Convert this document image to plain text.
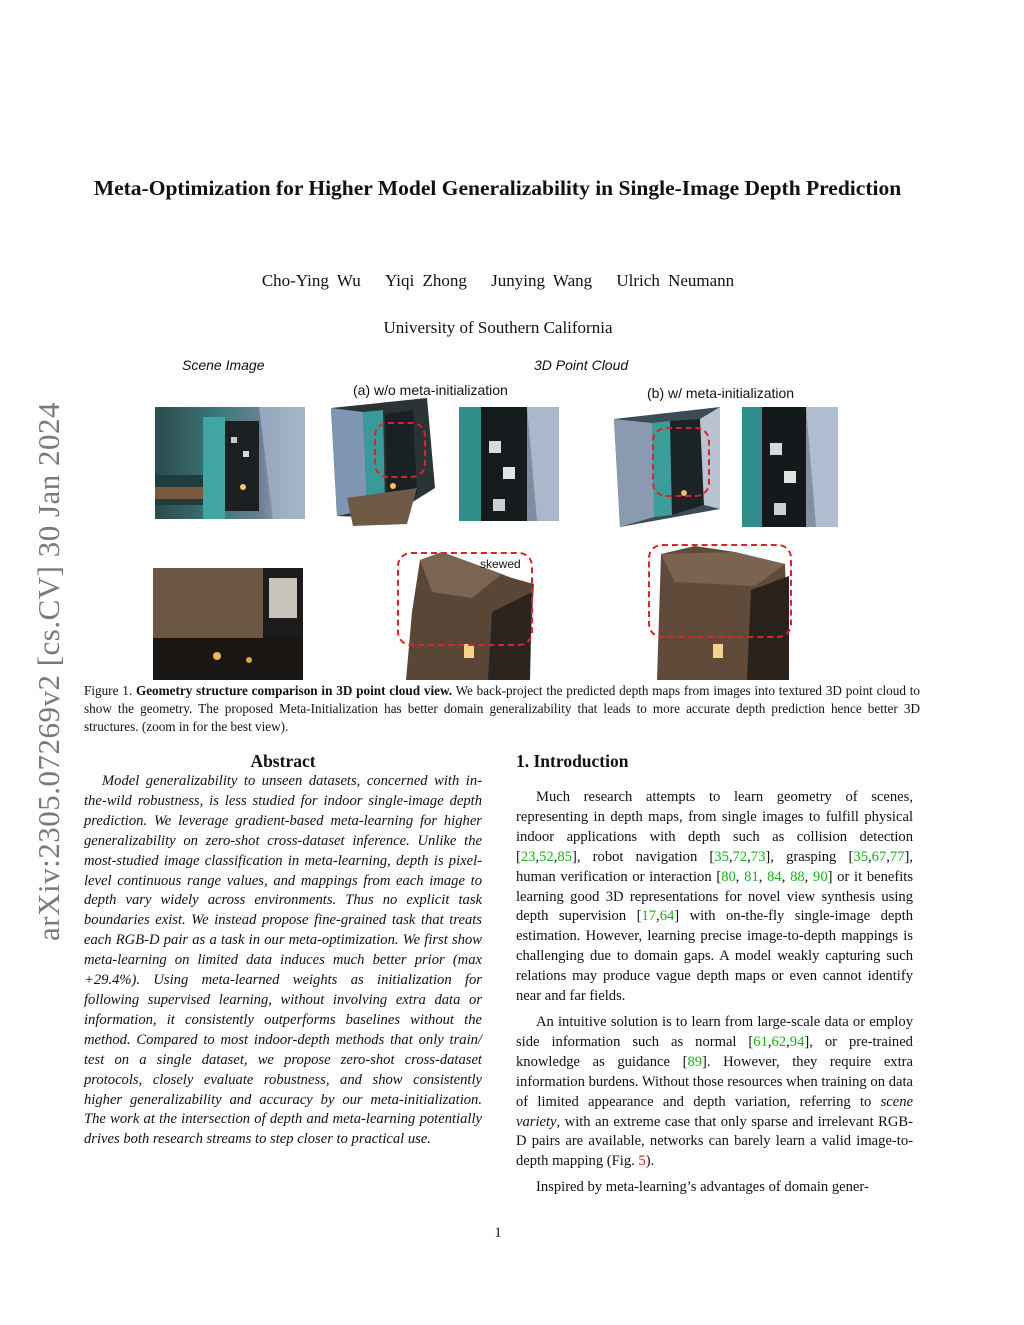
arXiv:2305.07269v2 [cs.CV] 30 Jan 2024
Meta-Optimization for Higher Model Generalizability in Single-Image Depth Prediction
Cho-Ying Wu Yiqi Zhong Junying Wang Ulrich Neumann
University of Southern California
Scene Image	3D Point Cloud
(a) w/o meta-initialization	(b) w/ meta-initialization
skewed
Figure 1. Geometry structure comparison in 3D point cloud view. We back-project the predicted depth maps from images into textured 3D point cloud to show the geometry. The proposed Meta-Initialization has better domain generalizability that leads to more accurate depth prediction hence better 3D structures. (zoom in for the best view).
Abstract
Model generalizability to unseen datasets, concerned with in-the-wild robustness, is less studied for indoor single-image depth prediction. We leverage gradient-based meta-learning for higher generalizability on zero-shot cross-dataset inference. Unlike the most-studied image classification in meta-learning, depth is pixel-level continuous range values, and mappings from each image to depth vary widely across environments. Thus no explicit task boundaries exist. We instead propose fine-grained task that treats each RGB-D pair as a task in our meta-optimization. We first show meta-learning on limited data induces much better prior (max +29.4%). Using meta-learned weights as initialization for following supervised learning, without involving extra data or information, it consistently outperforms baselines without the method. Compared to most indoor-depth methods that only train/ test on a single dataset, we propose zero-shot cross-dataset protocols, closely evaluate robustness, and show consistently higher generalizability and accuracy by our meta-initialization. The work at the intersection of depth and meta-learning potentially drives both research streams to step closer to practical use.
1. Introduction

Much research attempts to learn geometry of scenes, representing in depth maps, from single images to fulfill physical indoor applications with depth such as collision detection [23,52,85], robot navigation [35,72,73], grasping [35,67,77], human verification or interaction [80, 81, 84, 88, 90] or it benefits learning good 3D representations for novel view synthesis using depth supervision [17,64] with on-the-fly single-image depth estimation. However, learning precise image-to-depth mappings is challenging due to domain gaps. A model weakly capturing such relations may produce vague depth maps or even cannot identify near and far fields.

An intuitive solution is to learn from large-scale data or employ side information such as normal [61,62,94], or pre-trained knowledge as guidance [89]. However, they require extra information burdens. Without those resources when training on data of limited appearance and depth variation, referring to scene variety, with an extreme case that only sparse and irrelevant RGB-D pairs are available, networks can barely learn a valid image-to-depth mapping (Fig. 5).

Inspired by meta-learning’s advantages of domain gener-

1
